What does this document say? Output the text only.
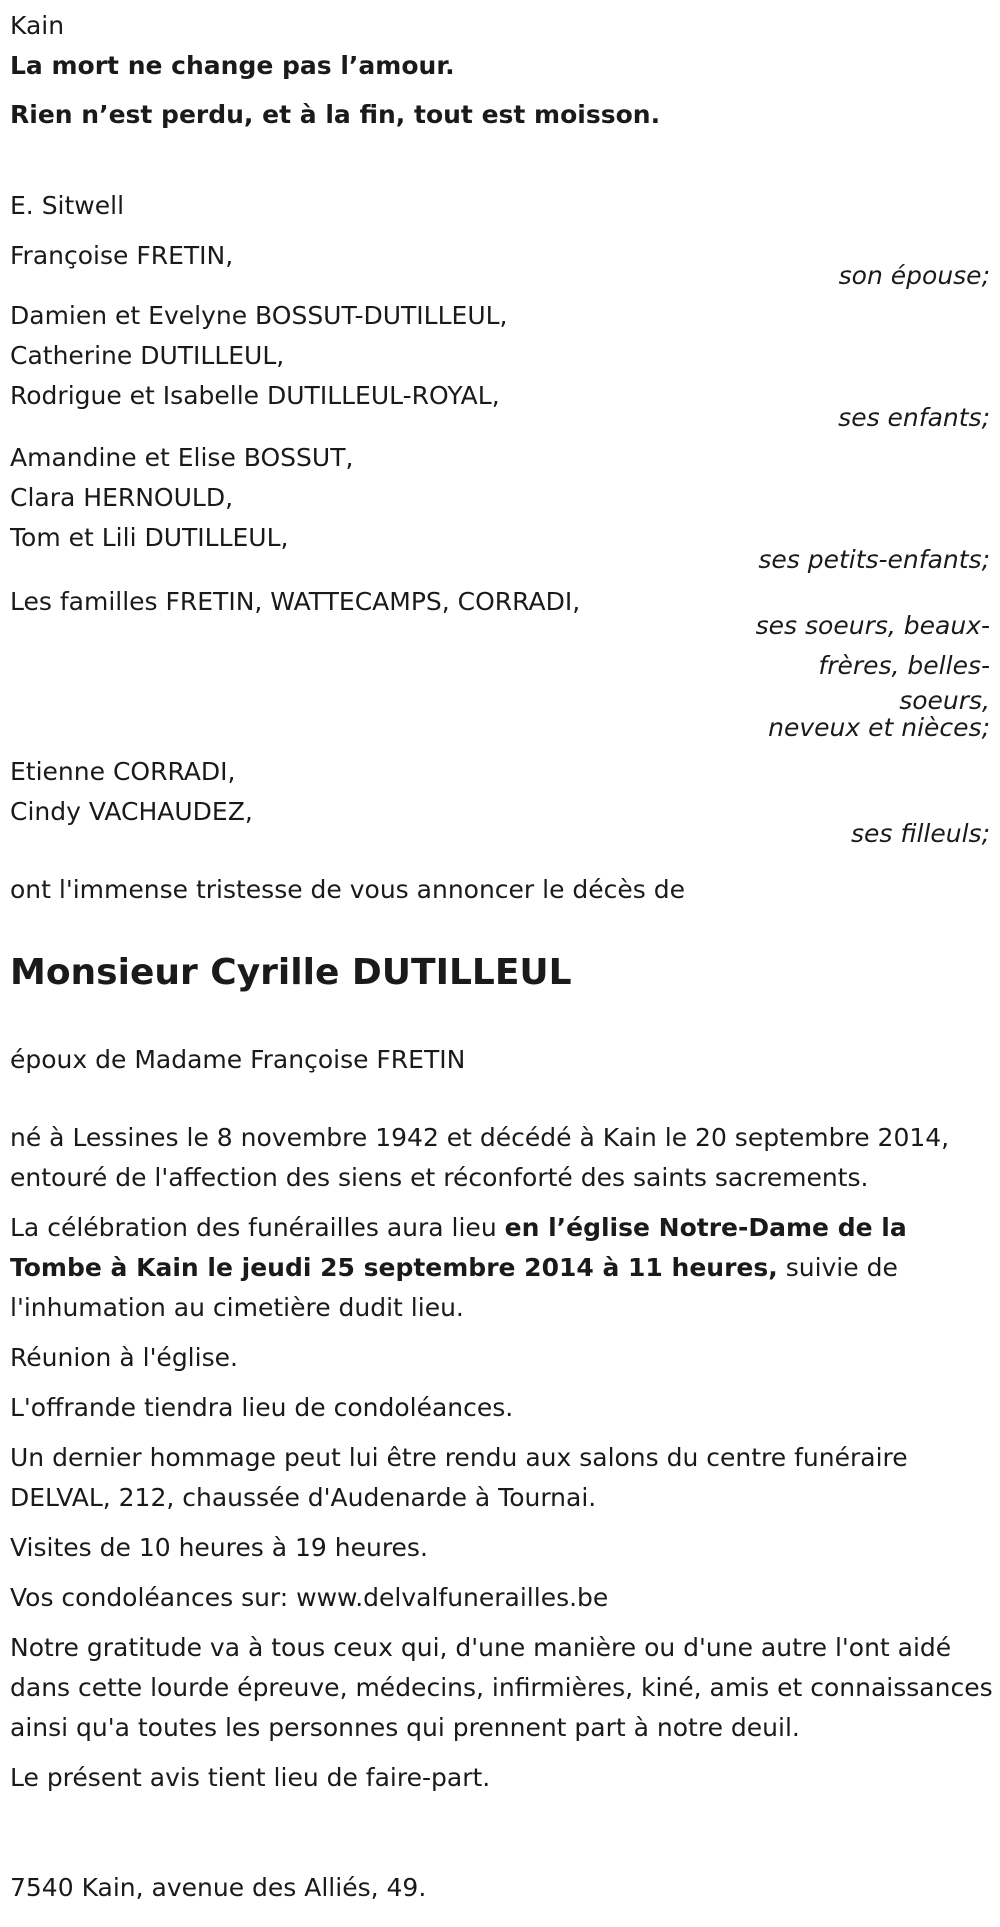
Kain

La mort ne change pas l’amour.

Rien n’est perdu, et à la fin, tout est moisson.

E. Sitwell

Françoise FRETIN,
son épouse;
Damien et Evelyne BOSSUT-DUTILLEUL,
Catherine DUTILLEUL,
Rodrigue et Isabelle DUTILLEUL-ROYAL,
ses enfants;
Amandine et Elise BOSSUT,
Clara HERNOULD,
Tom et Lili DUTILLEUL,
ses petits-enfants;
Les familles FRETIN, WATTECAMPS, CORRADI,
ses soeurs, beaux-
frères, belles-
soeurs,
neveux et nièces;
Etienne CORRADI,
Cindy VACHAUDEZ,
ses filleuls;

ont l'immense tristesse de vous annoncer le décès de

Monsieur Cyrille DUTILLEUL

époux de Madame Françoise FRETIN

né à Lessines le 8 novembre 1942 et décédé à Kain le 20 septembre 2014, entouré de l'affection des siens et réconforté des saints sacrements.

La célébration des funérailles aura lieu en l’église Notre-Dame de la Tombe à Kain le jeudi 25 septembre 2014 à 11 heures, suivie de l'inhumation au cimetière dudit lieu.

Réunion à l'église.

L'offrande tiendra lieu de condoléances.

Un dernier hommage peut lui être rendu aux salons du centre funéraire DELVAL, 212, chaussée d'Audenarde à Tournai.

Visites de 10 heures à 19 heures.

Vos condoléances sur: www.delvalfunerailles.be

Notre gratitude va à tous ceux qui, d'une manière ou d'une autre l'ont aidé dans cette lourde épreuve, médecins, infirmières, kiné, amis et connaissances ainsi qu'a toutes les personnes qui prennent part à notre deuil.

Le présent avis tient lieu de faire-part.

7540 Kain, avenue des Alliés, 49.
